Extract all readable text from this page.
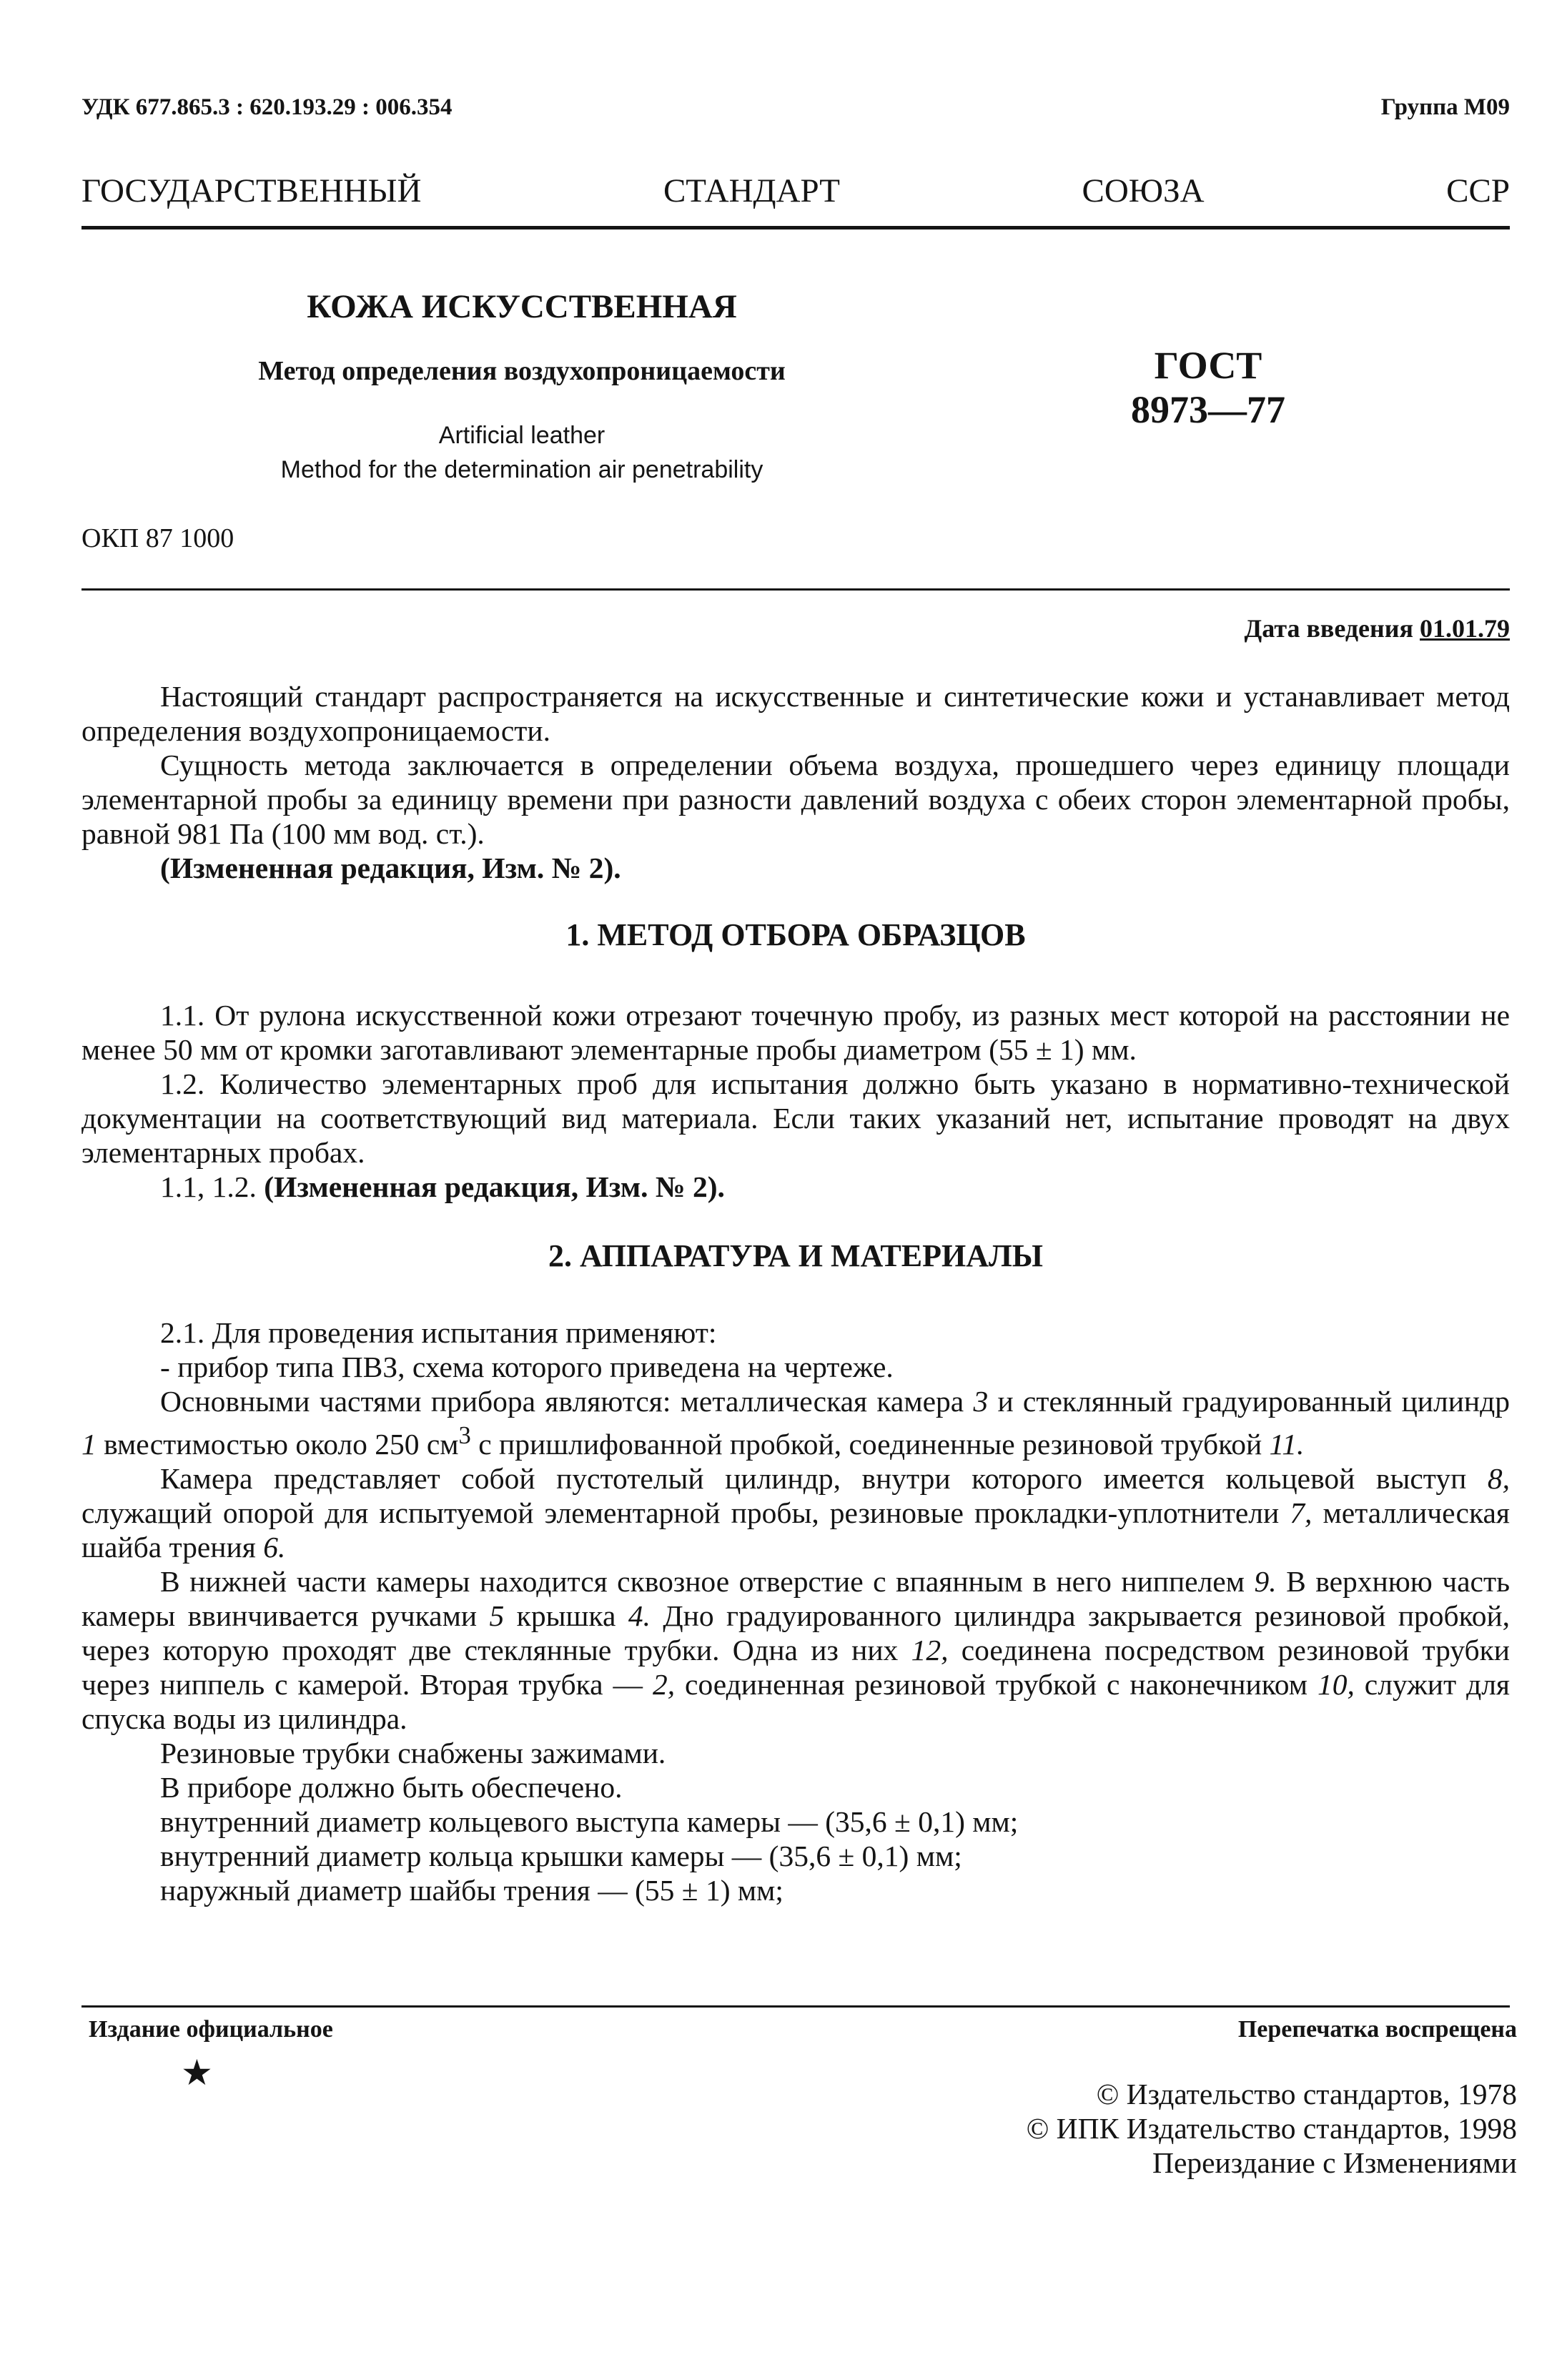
УДК 677.865.3 : 620.193.29 : 006.354	Группа М09
ГОСУДАРСТВЕННЫЙ	СТАНДАРТ	СОЮЗА	ССР
КОЖА ИСКУССТВЕННАЯ
Метод определения воздухопроницаемости
Artificial leather
Method for the determination air penetrability
ГОСТ
8973—77
ОКП 87 1000
Дата введения 01.01.79

Настоящий стандарт распространяется на искусственные и синтетические кожи и устанавливает метод определения воздухопроницаемости.

Сущность метода заключается в определении объема воздуха, прошедшего через единицу площади элементарной пробы за единицу времени при разности давлений воздуха с обеих сторон элементарной пробы, равной 981 Па (100 мм вод. ст.).

(Измененная редакция, Изм. № 2).

1. МЕТОД ОТБОРА ОБРАЗЦОВ

1.1. От рулона искусственной кожи отрезают точечную пробу, из разных мест которой на расстоянии не менее 50 мм от кромки заготавливают элементарные пробы диаметром (55 ± 1) мм.

1.2. Количество элементарных проб для испытания должно быть указано в нормативно-технической документации на соответствующий вид материала. Если таких указаний нет, испытание проводят на двух элементарных пробах.

1.1, 1.2. (Измененная редакция, Изм. № 2).

2. АППАРАТУРА И МАТЕРИАЛЫ

2.1. Для проведения испытания применяют:

- прибор типа ПВЗ, схема которого приведена на чертеже.

Основными частями прибора являются: металлическая камера 3 и стеклянный градуированный цилиндр 1 вместимостью около 250 $см^3$ с пришлифованной пробкой, соединенные резиновой трубкой 11.

Камера представляет собой пустотелый цилиндр, внутри которого имеется кольцевой выступ 8, служащий опорой для испытуемой элементарной пробы, резиновые прокладки-уплотнители 7, металлическая шайба трения 6.

В нижней части камеры находится сквозное отверстие с впаянным в него ниппелем 9. В верхнюю часть камеры ввинчивается ручками 5 крышка 4. Дно градуированного цилиндра закрывается резиновой пробкой, через которую проходят две стеклянные трубки. Одна из них 12, соединена посредством резиновой трубки через ниппель с камерой. Вторая трубка — 2, соединенная резиновой трубкой с наконечником 10, служит для спуска воды из цилиндра.

Резиновые трубки снабжены зажимами.

В приборе должно быть обеспечено.

внутренний диаметр кольцевого выступа камеры — (35,6 ± 0,1) мм;

внутренний диаметр кольца крышки камеры — (35,6 ± 0,1) мм;

наружный диаметр шайбы трения — (55 ± 1) мм;

Издание официальное	Перепечатка воспрещена
★
© Издательство стандартов, 1978
© ИПК Издательство стандартов, 1998
Переиздание с Изменениями
